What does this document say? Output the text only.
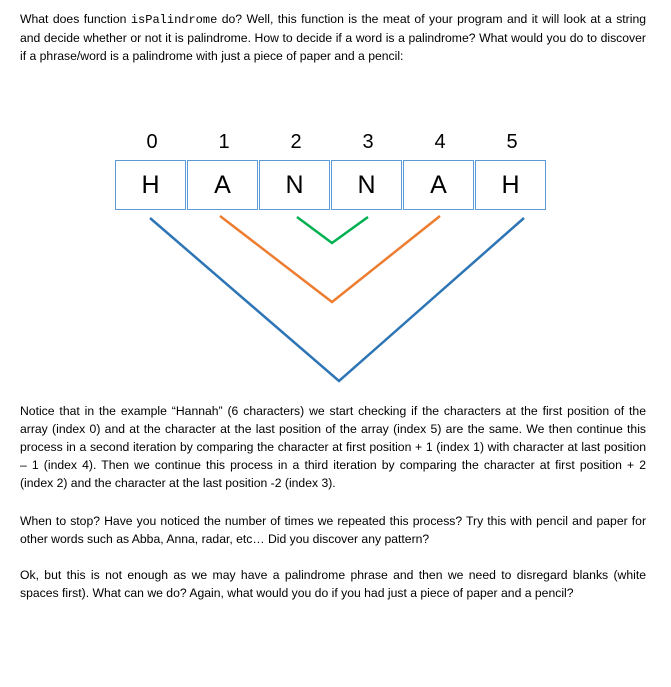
What does function isPalindrome do? Well, this function is the meat of your program and it will look at a string and decide whether or not it is palindrome. How to decide if a word is a palindrome? What would you do to discover if a phrase/word is a palindrome with just a piece of paper and a pencil:

0	1	2	3	4	5
H	A	N	N	A	H

Notice that in the example “Hannah” (6 characters) we start checking if the characters at the first position of the array (index 0) and at the character at the last position of the array (index 5) are the same. We then continue this process in a second iteration by comparing the character at first position + 1 (index 1) with character at last position – 1 (index 4). Then we continue this process in a third iteration by comparing the character at first position + 2 (index 2) and the character at the last position -2 (index 3).

When to stop? Have you noticed the number of times we repeated this process? Try this with pencil and paper for other words such as Abba, Anna, radar, etc… Did you discover any pattern?

Ok, but this is not enough as we may have a palindrome phrase and then we need to disregard blanks (white spaces first). What can we do? Again, what would you do if you had just a piece of paper and a pencil?
